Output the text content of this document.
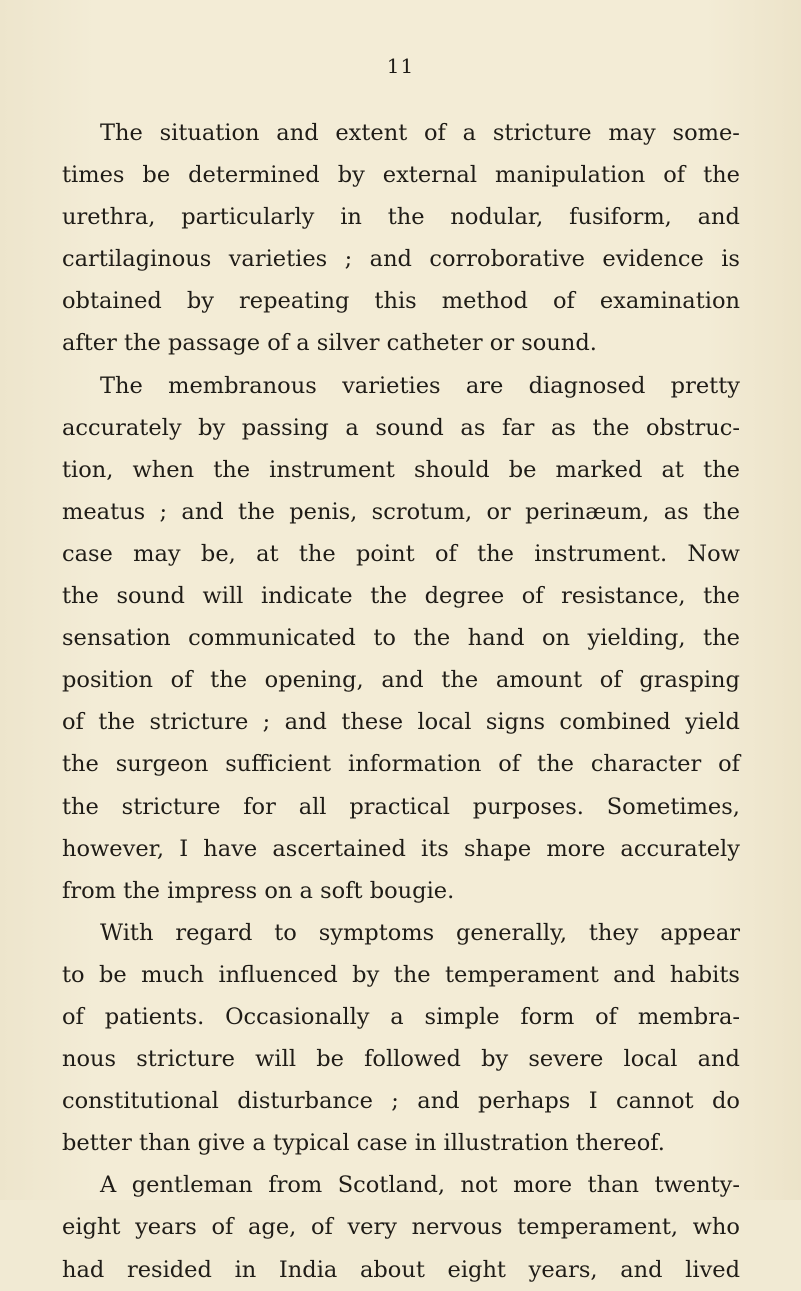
11
The situation and extent of a stricture may some-
times be determined by external manipulation of the
urethra, particularly in the nodular, fusiform, and
cartilaginous varieties ; and corroborative evidence is
obtained by repeating this method of examination
after the passage of a silver catheter or sound.
The membranous varieties are diagnosed pretty
accurately by passing a sound as far as the obstruc-
tion, when the instrument should be marked at the
meatus ; and the penis, scrotum, or perinæum, as the
case may be, at the point of the instrument. Now
the sound will indicate the degree of resistance, the
sensation communicated to the hand on yielding, the
position of the opening, and the amount of grasping
of the stricture ; and these local signs combined yield
the surgeon sufficient information of the character of
the stricture for all practical purposes. Sometimes,
however, I have ascertained its shape more accurately
from the impress on a soft bougie.
With regard to symptoms generally, they appear
to be much influenced by the temperament and habits
of patients. Occasionally a simple form of membra-
nous stricture will be followed by severe local and
constitutional disturbance ; and perhaps I cannot do
better than give a typical case in illustration thereof.
A gentleman from Scotland, not more than twenty-
eight years of age, of very nervous temperament, who
had resided in India about eight years, and lived
